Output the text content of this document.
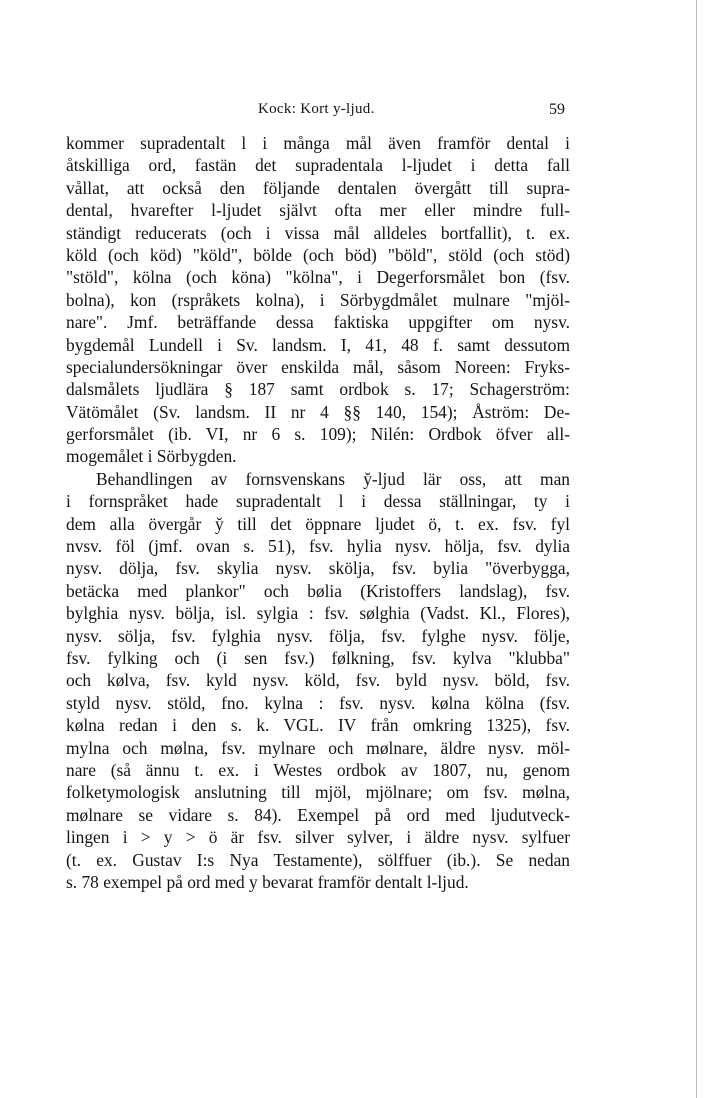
Kock: Kort y-ljud.	59
kommer supradentalt l i många mål även framför dental i
åtskilliga ord, fastän det supradentala l-ljudet i detta fall
vållat, att också den följande dentalen övergått till supra-
dental, hvarefter l-ljudet självt ofta mer eller mindre full-
ständigt reducerats (och i vissa mål alldeles bortfallit), t. ex.
köld (och köd) "köld", bölde (och böd) "böld", stöld (och stöd)
"stöld", kölna (och köna) "kölna", i Degerforsmålet bon (fsv.
bolna), kon (rspråkets kolna), i Sörbygdmålet mulnare "mjöl-
nare". Jmf. beträffande dessa faktiska uppgifter om nysv.
bygdemål Lundell i Sv. landsm. I, 41, 48 f. samt dessutom
specialundersökningar över enskilda mål, såsom Noreen: Fryks-
dalsmålets ljudlära § 187 samt ordbok s. 17; Schagerström:
Vätömålet (Sv. landsm. II nr 4 §§ 140, 154); Åström: De-
gerforsmålet (ib. VI, nr 6 s. 109); Nilén: Ordbok öfver all-
mogemålet i Sörbygden.
Behandlingen av fornsvenskans y̆-ljud lär oss, att man
i fornspråket hade supradentalt l i dessa ställningar, ty i
dem alla övergår y̆ till det öppnare ljudet ö, t. ex. fsv. fyl
nvsv. föl (jmf. ovan s. 51), fsv. hylia nysv. hölja, fsv. dylia
nysv. dölja, fsv. skylia nysv. skölja, fsv. bylia "överbygga,
betäcka med plankor" och bølia (Kristoffers landslag), fsv.
bylghia nysv. bölja, isl. sylgia : fsv. sølghia (Vadst. Kl., Flores),
nysv. sölja, fsv. fylghia nysv. följa, fsv. fylghe nysv. följe,
fsv. fylking och (i sen fsv.) følkning, fsv. kylva "klubba"
och kølva, fsv. kyld nysv. köld, fsv. byld nysv. böld, fsv.
styld nysv. stöld, fno. kylna : fsv. nysv. kølna kölna (fsv.
kølna redan i den s. k. VGL. IV från omkring 1325), fsv.
mylna och mølna, fsv. mylnare och mølnare, äldre nysv. möl-
nare (så ännu t. ex. i Westes ordbok av 1807, nu, genom
folketymologisk anslutning till mjöl, mjölnare; om fsv. mølna,
mølnare se vidare s. 84). Exempel på ord med ljudutveck-
lingen i > y > ö är fsv. silver sylver, i äldre nysv. sylfuer
(t. ex. Gustav I:s Nya Testamente), sölffuer (ib.). Se nedan
s. 78 exempel på ord med y bevarat framför dentalt l-ljud.
